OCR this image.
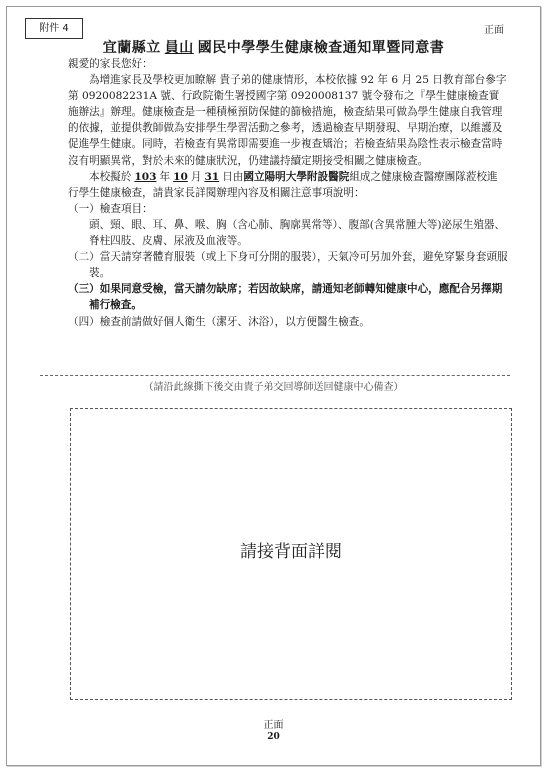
附件 4	正面
宜蘭縣立 員山 國民中學學生健康檢查通知單暨同意書

親愛的家長您好：

為增進家長及學校更加瞭解 貴子弟的健康情形，本校依據 92 年 6 月 25 日教育部台參字第 0920082231A 號、行政院衛生署授國字第 0920008137 號令發布之『學生健康檢查實施辦法』辦理。健康檢查是一種積極預防保健的篩檢措施，檢查結果可做為學生健康自我管理的依據，並提供教師做為安排學生學習活動之參考，透過檢查早期發現、早期治療，以維護及促進學生健康。同時，若檢查有異常即需要進一步複查矯治；若檢查結果為陰性表示檢查當時沒有明顯異常，對於未來的健康狀況，仍建議持續定期接受相關之健康檢查。

本校擬於 103 年 10 月 31 日由國立陽明大學附設醫院組成之健康檢查醫療團隊蒞校進行學生健康檢查，請貴家長詳閱辦理內容及相關注意事項說明：

（一）檢查項目：

頭、頸、眼、耳、鼻、喉、胸（含心肺、胸廓異常等）、腹部(含異常腫大等)泌尿生殖器、脊柱四肢、皮膚、尿液及血液等。

（二）當天請穿著體育服裝（或上下身可分開的服裝），天氣冷可另加外套，避免穿緊身套頭服裝。

（三）如果同意受檢，當天請勿缺席；若因故缺席，請通知老師轉知健康中心，應配合另擇期補行檢查。

（四）檢查前請做好個人衛生（潔牙、沐浴），以方便醫生檢查。

（請沿此線撕下後交由貴子弟交回導師送回健康中心備查）
請接背面詳閱
正面
20
